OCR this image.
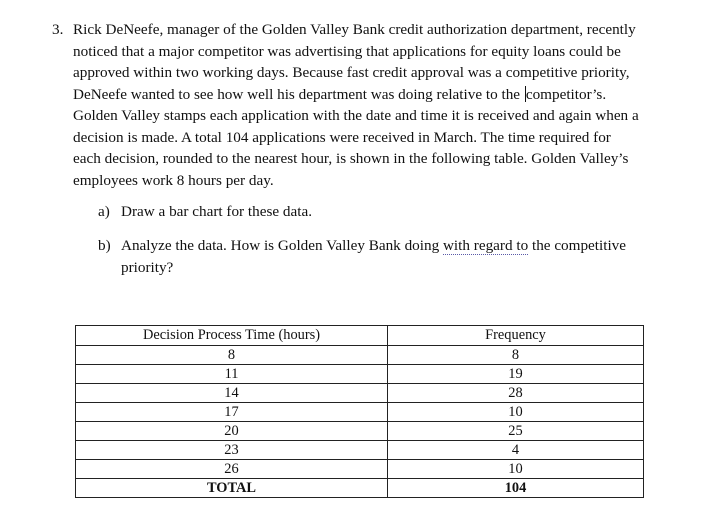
3. Rick DeNeefe, manager of the Golden Valley Bank credit authorization department, recently
noticed that a major competitor was advertising that applications for equity loans could be
approved within two working days. Because fast credit approval was a competitive priority,
DeNeefe wanted to see how well his department was doing relative to the competitor’s.
Golden Valley stamps each application with the date and time it is received and again when a
decision is made. A total 104 applications were received in March. The time required for
each decision, rounded to the nearest hour, is shown in the following table. Golden Valley’s
employees work 8 hours per day.
a) Draw a bar chart for these data.
b) Analyze the data. How is Golden Valley Bank doing with regard to the competitive
priority?
Decision Process Time (hours)	Frequency
8	8
11	19
14	28
17	10
20	25
23	4
26	10
TOTAL	104
